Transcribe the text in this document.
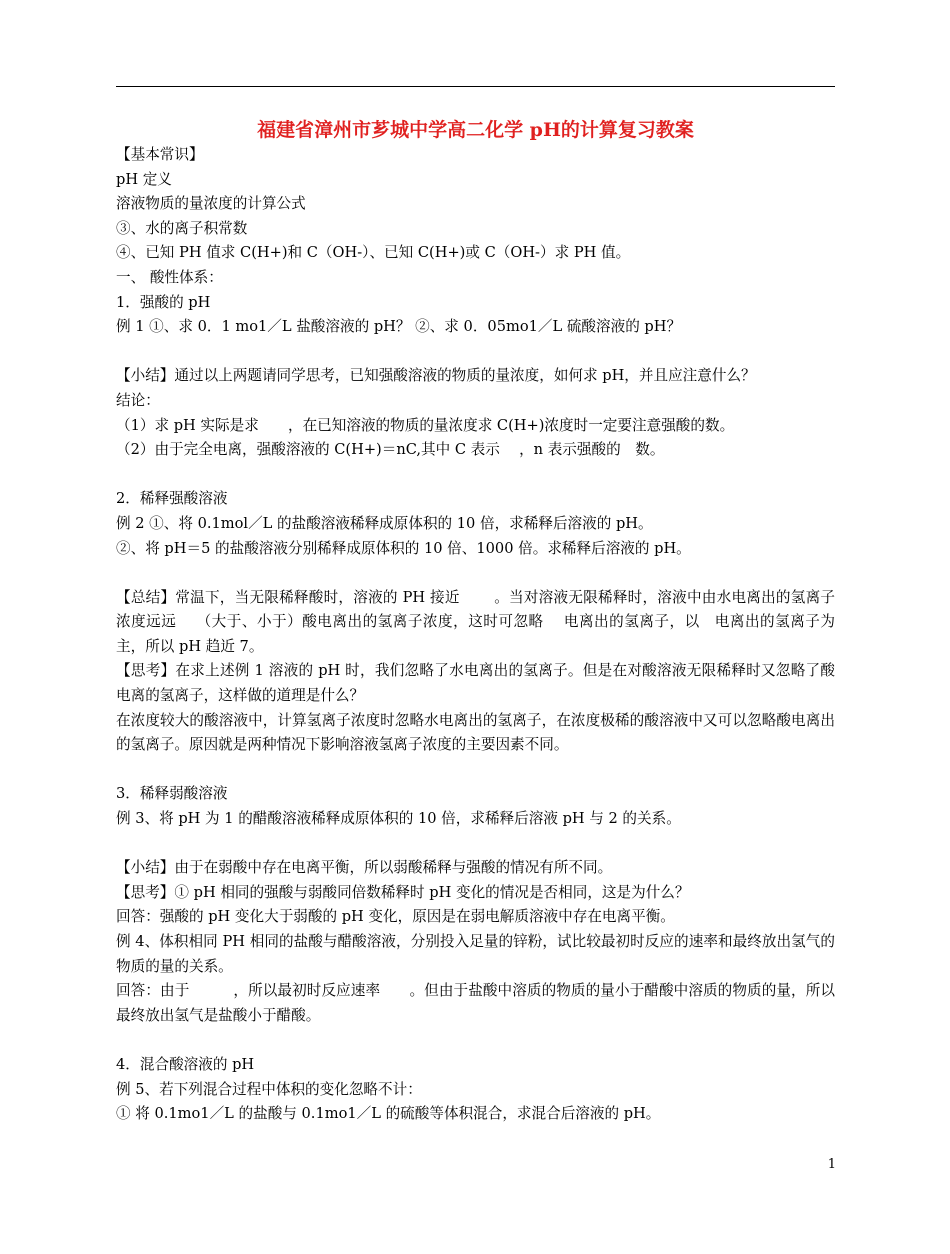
福建省漳州市芗城中学高二化学 pH的计算复习教案

【基本常识】

pH 定义

溶液物质的量浓度的计算公式

③、水的离子积常数

④、已知 PH 值求 C(H+)和 C（OH-）、已知 C(H+)或 C（OH-）求 PH 值。

一、 酸性体系：

1．强酸的 pH

例 1 ①、求 0．1 mo1／L 盐酸溶液的 pH？ ②、求 0．05mo1／L 硫酸溶液的 pH？

【小结】通过以上两题请同学思考，已知强酸溶液的物质的量浓度，如何求 pH，并且应注意什么？

结论：

（1）求 pH 实际是求　　，在已知溶液的物质的量浓度求 C(H+)浓度时一定要注意强酸的数。

（2）由于完全电离，强酸溶液的 C(H+)＝nC,其中 C 表示　 ，n 表示强酸的　数。

2．稀释强酸溶液

例 2 ①、将 0.1mol／L 的盐酸溶液稀释成原体积的 10 倍，求稀释后溶液的 pH。

②、将 pH＝5 的盐酸溶液分别稀释成原体积的 10 倍、1000 倍。求稀释后溶液的 pH。

【总结】常温下，当无限稀释酸时，溶液的 PH 接近　　 。当对溶液无限稀释时，溶液中由水电离出的氢离子浓度远远　 （大于、小于）酸电离出的氢离子浓度，这时可忽略　 电离出的氢离子，以　电离出的氢离子为主，所以 pH 趋近 7。

【思考】在求上述例 1 溶液的 pH 时，我们忽略了水电离出的氢离子。但是在对酸溶液无限稀释时又忽略了酸电离的氢离子，这样做的道理是什么？

在浓度较大的酸溶液中，计算氢离子浓度时忽略水电离出的氢离子，在浓度极稀的酸溶液中又可以忽略酸电离出的氢离子。原因就是两种情况下影响溶液氢离子浓度的主要因素不同。

3．稀释弱酸溶液

例 3、将 pH 为 1 的醋酸溶液稀释成原体积的 10 倍，求稀释后溶液 pH 与 2 的关系。

【小结】由于在弱酸中存在电离平衡，所以弱酸稀释与强酸的情况有所不同。

【思考】① pH 相同的强酸与弱酸同倍数稀释时 pH 变化的情况是否相同，这是为什么？

回答：强酸的 pH 变化大于弱酸的 pH 变化，原因是在弱电解质溶液中存在电离平衡。

例 4、体积相同 PH 相同的盐酸与醋酸溶液，分别投入足量的锌粉，试比较最初时反应的速率和最终放出氢气的物质的量的关系。

回答：由于　　　，所以最初时反应速率　　。但由于盐酸中溶质的物质的量小于醋酸中溶质的物质的量，所以最终放出氢气是盐酸小于醋酸。

4．混合酸溶液的 pH

例 5、若下列混合过程中体积的变化忽略不计：

① 将 0.1mo1／L 的盐酸与 0.1mo1／L 的硫酸等体积混合，求混合后溶液的 pH。

1
